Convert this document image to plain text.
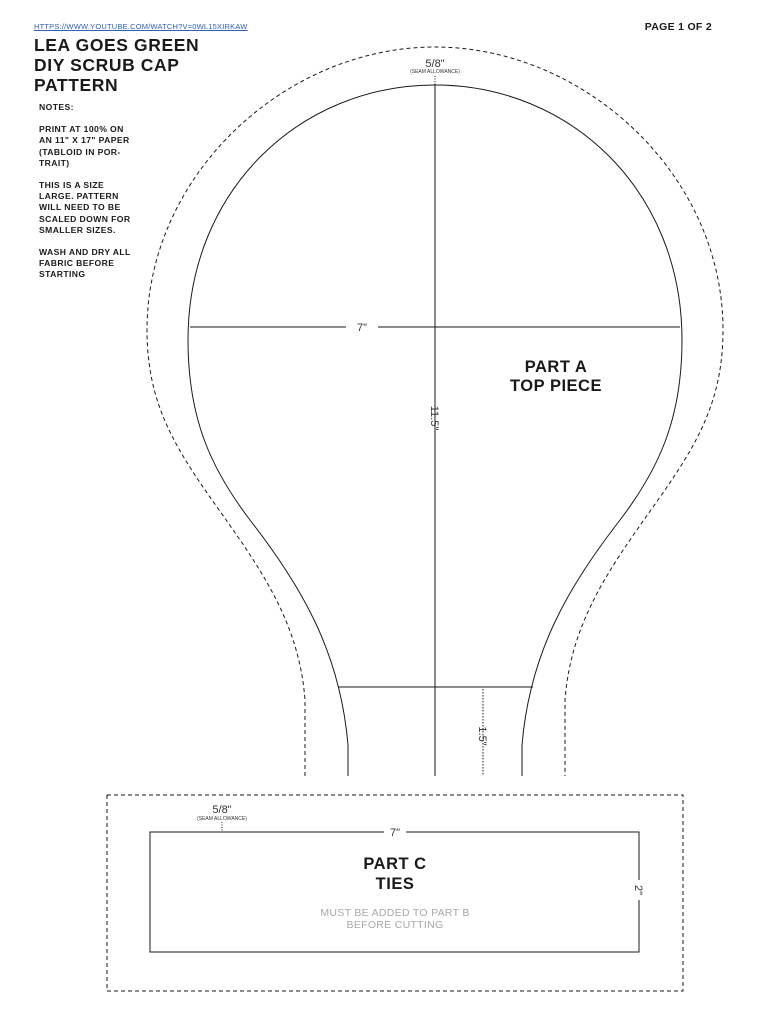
HTTPS://WWW.YOUTUBE.COM/WATCH?V=0WL15XIRKAW	PAGE 1 OF 2
LEA GOES GREEN
DIY SCRUB CAP
PATTERN

NOTES:

PRINT AT 100% ON
AN 11" X 17" PAPER
(TABLOID IN POR-
TRAIT)

THIS IS A SIZE
LARGE. PATTERN
WILL NEED TO BE
SCALED DOWN FOR
SMALLER SIZES.

WASH AND DRY ALL
FABRIC BEFORE
STARTING

5/8"
(SEAM ALLOWANCE)
7"
11.5"
1.5"
PART A
TOP PIECE
5/8"
(SEAM ALLOWANCE)
7"
2"
PART C
TIES
MUST BE ADDED TO PART B
BEFORE CUTTING
